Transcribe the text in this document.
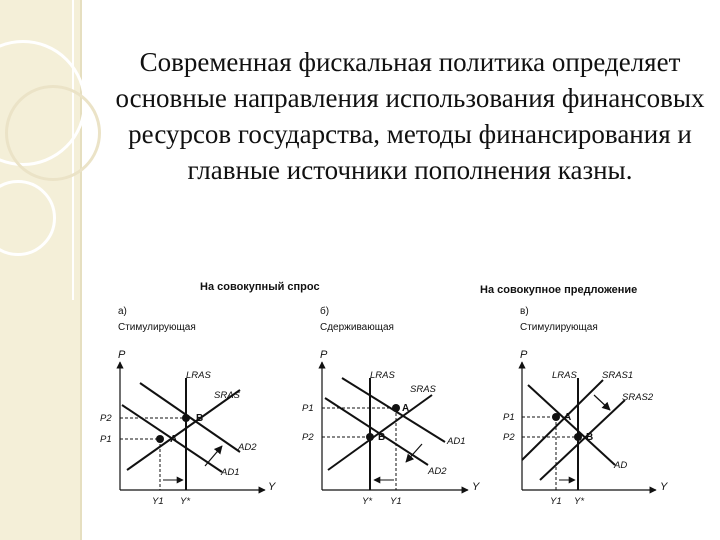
Современная фискальная политика определяет основные направления использования финансовых ресурсов государства, методы финансирования и главные источники пополнения казны.
На совокупный спрос	На совокупное предложение
а)
Стимулирующая
P
Y
LRAS
SRAS
AD1
AD2
B
A
P2
P1
Y1 Y*
б)
Сдерживающая
P
Y
LRAS
SRAS
AD1
AD2
A
B
P1
P2
Y* Y1
в)
Стимулирующая
P
Y
LRAS
AD
SRAS1
SRAS2
A
B
P1
P2
Y1 Y*
